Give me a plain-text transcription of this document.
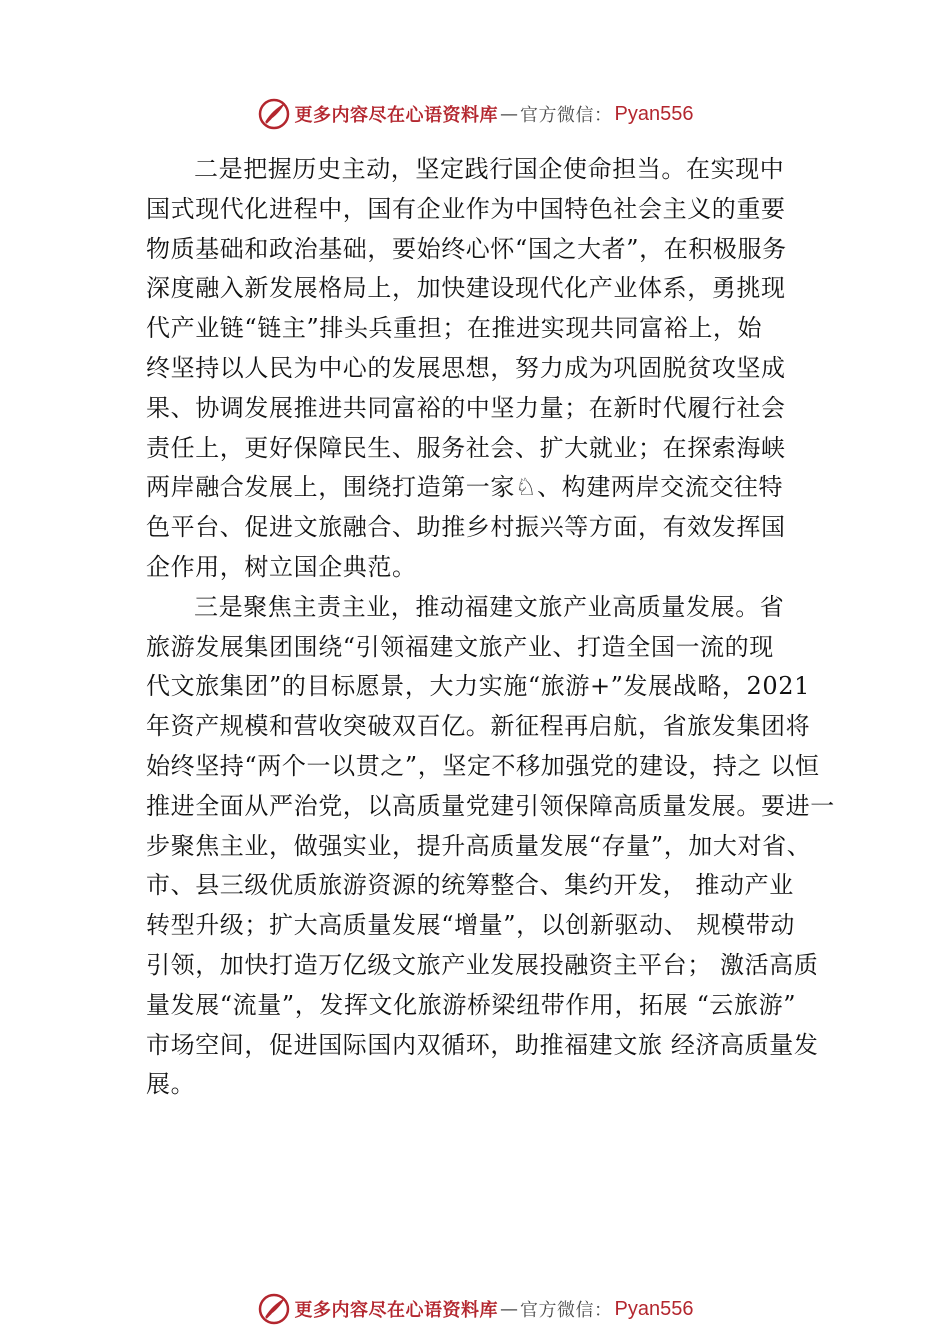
更多内容尽在心语资料库 — 官方微信： Pyan556
二是把握历史主动，坚定践行国企使命担当。在实现中
国式现代化进程中，国有企业作为中国特色社会主义的重要
物质基础和政治基础，要始终心怀“国之大者”，在积极服务
深度融入新发展格局上，加快建设现代化产业体系，勇挑现
代产业链“链主”排头兵重担；在推进实现共同富裕上，始
终坚持以人民为中心的发展思想，努力成为巩固脱贫攻坚成
果、协调发展推进共同富裕的中坚力量；在新时代履行社会
责任上，更好保障民生、服务社会、扩大就业；在探索海峡
两岸融合发展上，围绕打造第一家♘、构建两岸交流交往特
色平台、促进文旅融合、助推乡村振兴等方面，有效发挥国
企作用，树立国企典范。
三是聚焦主责主业，推动福建文旅产业高质量发展。省
旅游发展集团围绕“引领福建文旅产业、打造全国一流的现
代文旅集团”的目标愿景，大力实施“旅游+”发展战略，2021
年资产规模和营收突破双百亿。新征程再启航，省旅发集团将
始终坚持“两个一以贯之”，坚定不移加强党的建设，持之 以恒
推进全面从严治党，以高质量党建引领保障高质量发展。要进一
步聚焦主业，做强实业，提升高质量发展“存量”，加大对省、
市、县三级优质旅游资源的统筹整合、集约开发， 推动产业
转型升级；扩大高质量发展“增量”，以创新驱动、 规模带动
引领，加快打造万亿级文旅产业发展投融资主平台； 激活高质
量发展“流量”，发挥文化旅游桥梁纽带作用，拓展 “云旅游”
市场空间，促进国际国内双循环，助推福建文旅 经济高质量发
展。
更多内容尽在心语资料库 — 官方微信： Pyan556
